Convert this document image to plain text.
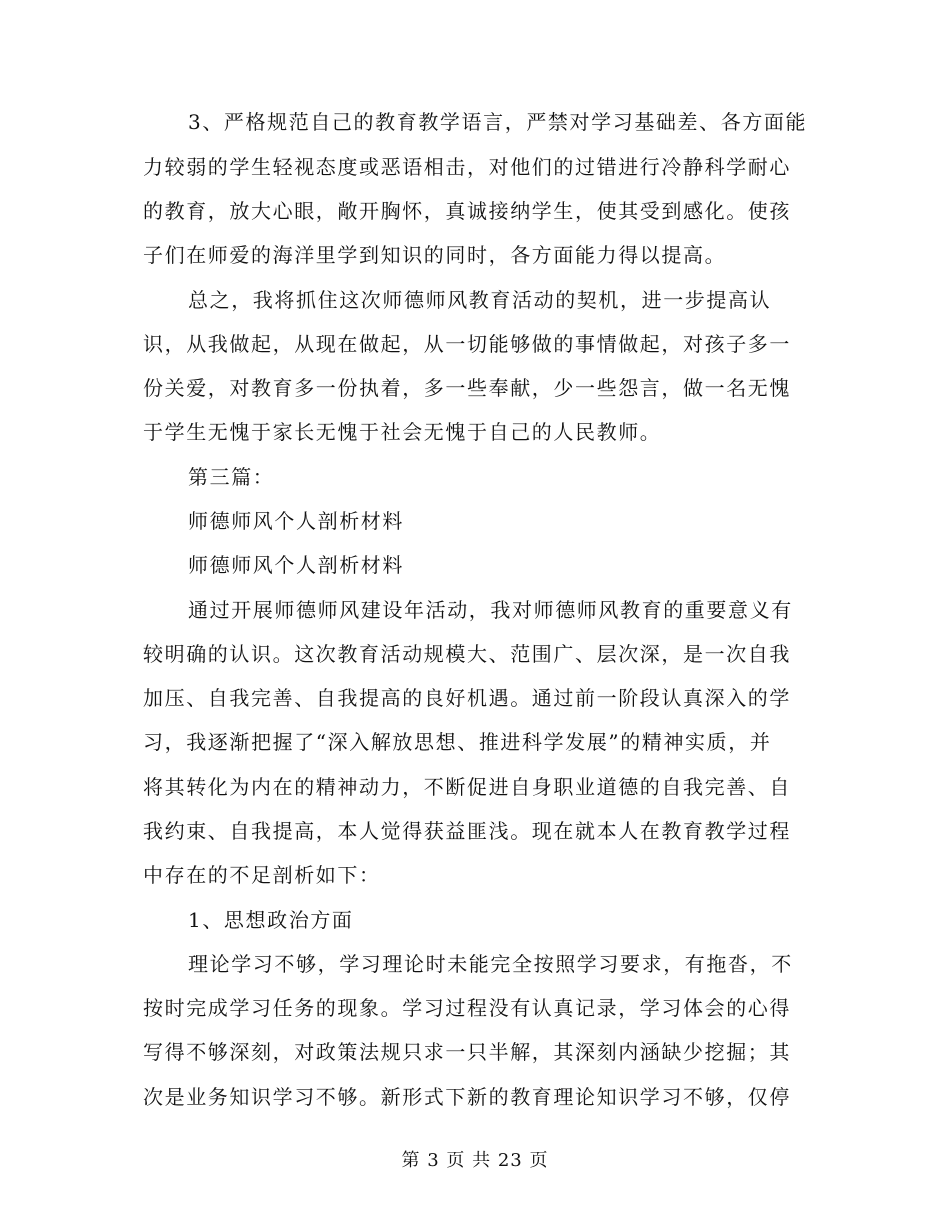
3、严格规范自己的教育教学语言，严禁对学习基础差、各方面能
力较弱的学生轻视态度或恶语相击，对他们的过错进行冷静科学耐心
的教育，放大心眼，敞开胸怀，真诚接纳学生，使其受到感化。使孩
子们在师爱的海洋里学到知识的同时，各方面能力得以提高。
总之，我将抓住这次师德师风教育活动的契机，进一步提高认
识，从我做起，从现在做起，从一切能够做的事情做起，对孩子多一
份关爱，对教育多一份执着，多一些奉献，少一些怨言，做一名无愧
于学生无愧于家长无愧于社会无愧于自己的人民教师。
第三篇：
师德师风个人剖析材料
师德师风个人剖析材料
通过开展师德师风建设年活动，我对师德师风教育的重要意义有
较明确的认识。这次教育活动规模大、范围广、层次深，是一次自我
加压、自我完善、自我提高的良好机遇。通过前一阶段认真深入的学
习，我逐渐把握了“深入解放思想、推进科学发展”的精神实质，并
将其转化为内在的精神动力，不断促进自身职业道德的自我完善、自
我约束、自我提高，本人觉得获益匪浅。现在就本人在教育教学过程
中存在的不足剖析如下：
1、思想政治方面
理论学习不够，学习理论时未能完全按照学习要求，有拖沓，不
按时完成学习任务的现象。学习过程没有认真记录，学习体会的心得
写得不够深刻，对政策法规只求一只半解，其深刻内涵缺少挖掘；其
次是业务知识学习不够。新形式下新的教育理论知识学习不够，仅停
第 3 页 共 23 页
